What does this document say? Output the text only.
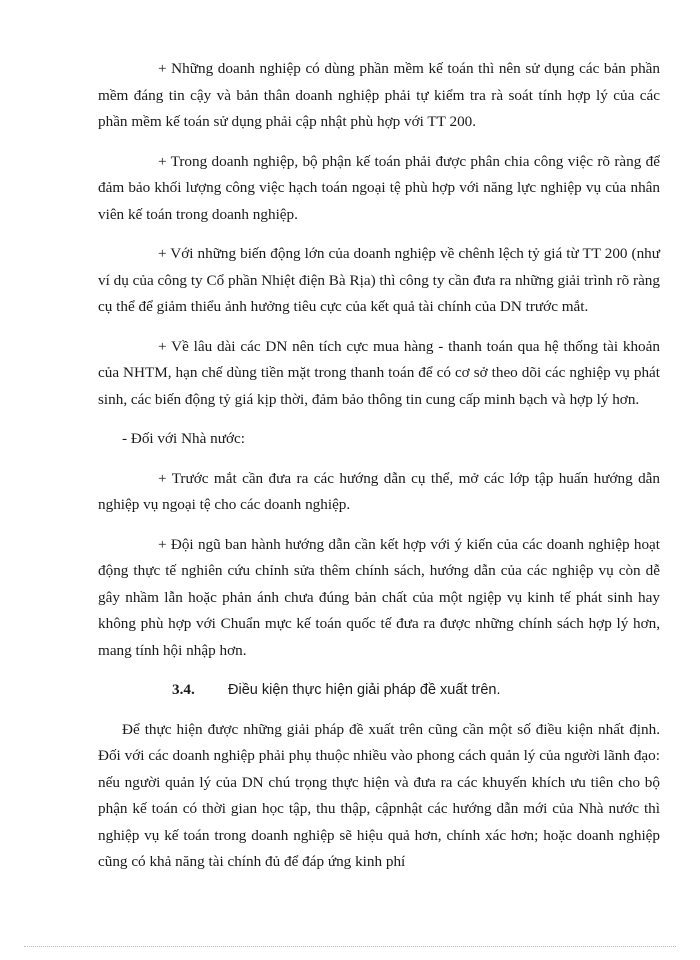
+ Những doanh nghiệp có dùng phần mềm kế toán thì nên sử dụng các bản phần mềm đáng tin cậy và bản thân doanh nghiệp phải tự kiểm tra rà soát tính hợp lý của các phần mềm kế toán sử dụng phải cập nhật phù hợp với TT 200.

+ Trong doanh nghiệp, bộ phận kế toán phải được phân chia công việc rõ ràng để đảm bảo khối lượng công việc hạch toán ngoại tệ phù hợp với năng lực nghiệp vụ của nhân viên kế toán trong doanh nghiệp.

+ Với những biến động lớn của doanh nghiệp về chênh lệch tỷ giá từ TT 200 (như ví dụ của công ty Cổ phần Nhiệt điện Bà Rịa) thì công ty cần đưa ra những giải trình rõ ràng cụ thể để giảm thiểu ảnh hưởng tiêu cực của kết quả tài chính của DN trước mắt.

+ Về lâu dài các DN nên tích cực mua hàng - thanh toán qua hệ thống tài khoản của NHTM, hạn chế dùng tiền mặt trong thanh toán để có cơ sở theo dõi các nghiệp vụ phát sinh, các biến động tỷ giá kịp thời, đảm bảo thông tin cung cấp minh bạch và hợp lý hơn.

- Đối với Nhà nước:

+ Trước mắt cần đưa ra các hướng dẫn cụ thể, mở các lớp tập huấn hướng dẫn nghiệp vụ ngoại tệ cho các doanh nghiệp.

+ Đội ngũ ban hành hướng dẫn cần kết hợp với ý kiến của các doanh nghiệp hoạt động thực tế nghiên cứu chỉnh sửa thêm chính sách, hướng dẫn của các nghiệp vụ còn dễ gây nhầm lẫn hoặc phản ánh chưa đúng bản chất của một ngiệp vụ kinh tế phát sinh hay không phù hợp với Chuẩn mực kế toán quốc tế đưa ra được những chính sách hợp lý hơn, mang tính hội nhập hơn.

3.4.	Điều kiện thực hiện giải pháp đề xuất trên.

Để thực hiện được những giải pháp đề xuất trên cũng cần một số điều kiện nhất định. Đối với các doanh nghiệp phải phụ thuộc nhiều vào phong cách quản lý của người lãnh đạo: nếu người quản lý của DN chú trọng thực hiện và đưa ra các khuyến khích ưu tiên cho bộ phận kế toán có thời gian học tập, thu thập, cậpnhật các hướng dẫn mới của Nhà nước thì nghiệp vụ kế toán trong doanh nghiệp sẽ hiệu quả hơn, chính xác hơn; hoặc doanh nghiệp cũng có khả năng tài chính đủ để đáp ứng kinh phí
